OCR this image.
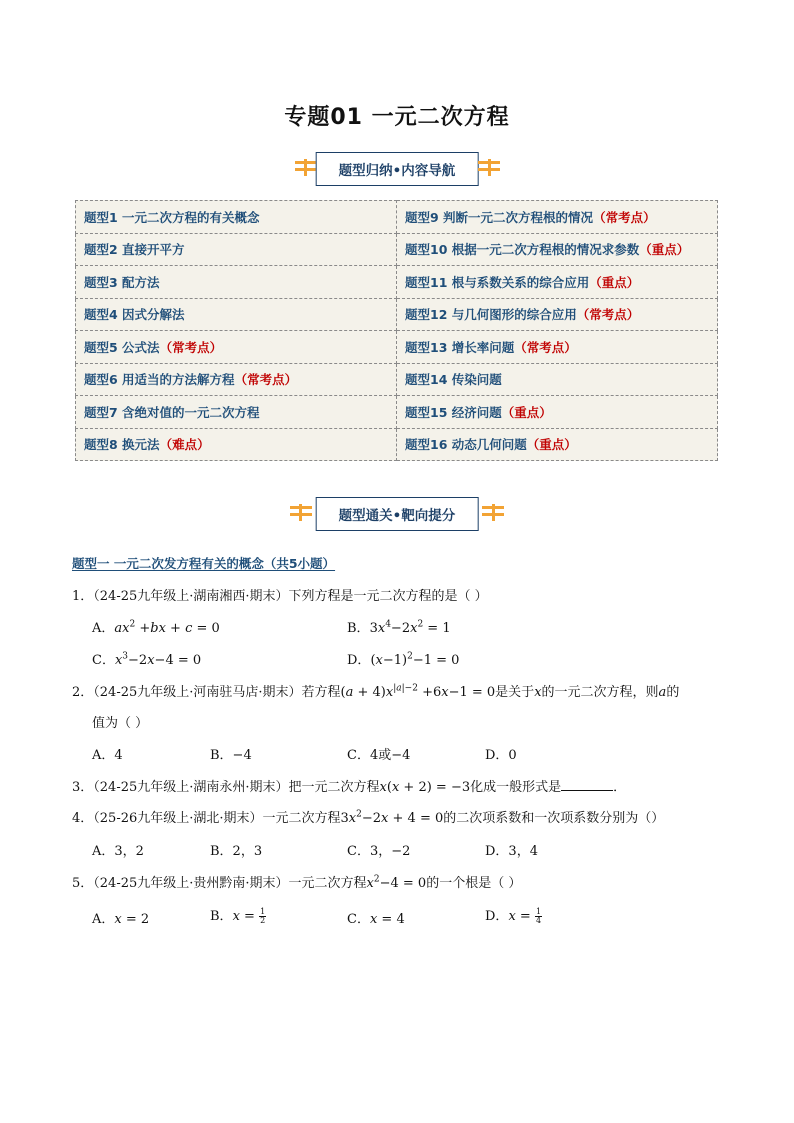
专题01 一元二次方程
题型归纳•内容导航
题型1 一元二次方程的有关概念	题型9 判断一元二次方程根的情况（常考点）
题型2 直接开平方	题型10 根据一元二次方程根的情况求参数（重点）
题型3 配方法	题型11 根与系数关系的综合应用（重点）
题型4 因式分解法	题型12 与几何图形的综合应用（常考点）
题型5 公式法（常考点）	题型13 增长率问题（常考点）
题型6 用适当的方法解方程（常考点）	题型14 传染问题
题型7 含绝对值的一元二次方程	题型15 经济问题（重点）
题型8 换元法（难点）	题型16 动态几何问题（重点）
题型通关•靶向提分
题型一 一元二次发方程有关的概念（共5小题）
1．（24-25九年级上·湖南湘西·期末）下列方程是一元二次方程的是（ ）
A．$ax^2 +bx + c = 0$	B．$3x^4-2x^2 = 1$
C．$x^3-2x-4 = 0$	D．$(x-1)^2-1 = 0$
2．（24-25九年级上·河南驻马店·期末）若方程$(a + 4)x^{|a|-2} +6x-1 = 0$是关于x的一元二次方程，则a的
值为（ ）
A．4	B．−4	C．4或−4	D．0
3．（24-25九年级上·湖南永州·期末）把一元二次方程x(x + 2) = −3化成一般形式是	．
4．（25-26九年级上·湖北·期末）一元二次方程$3x^2-2x + 4 = 0$的二次项系数和一次项系数分别为（）
A．3，2	B．2，3	C．3，−2	D．3，4
5．（24-25九年级上·贵州黔南·期末）一元二次方程$x^2-4 = 0$的一个根是（ ）
A．x = 2	B．$x = \frac{1}{2}$	C．x = 4	D．$x = \frac{1}{4}$
